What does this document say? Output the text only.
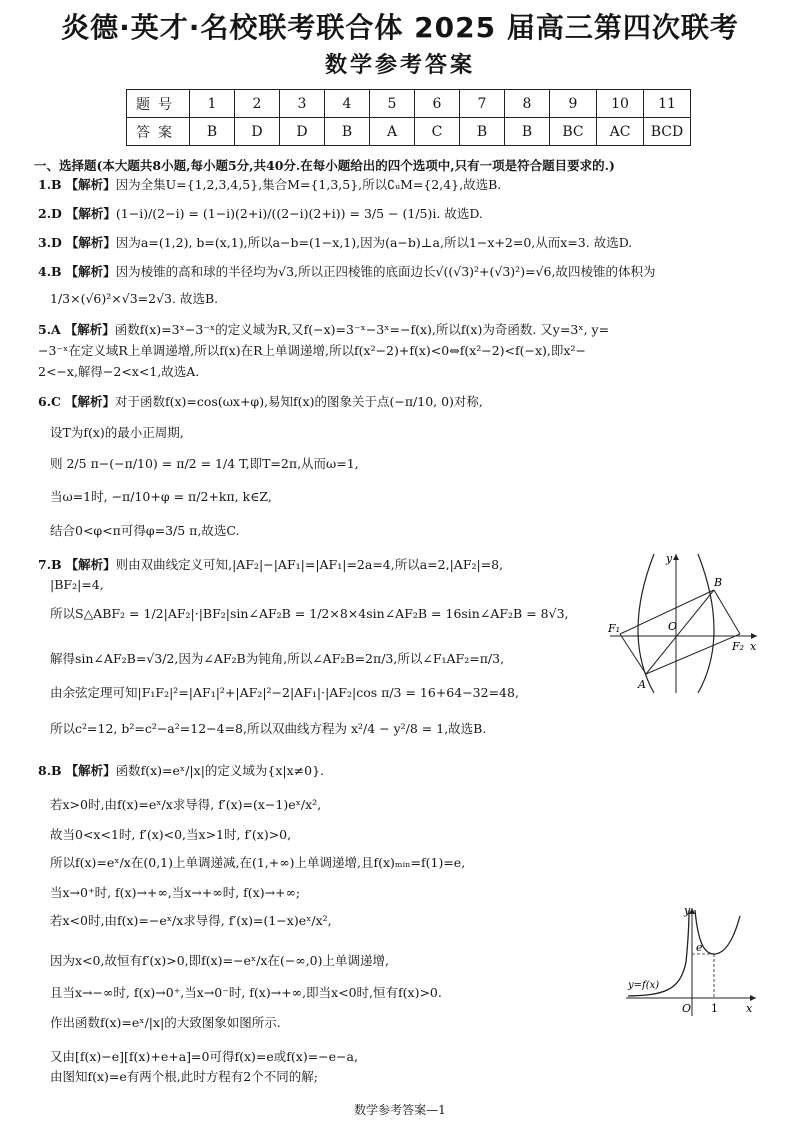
炎德·英才·名校联考联合体 2025 届高三第四次联考
数学参考答案
题号	1	2	3	4	5	6	7	8	9	10	11
答案	B	D	D	B	A	C	B	B	BC	AC	BCD
一、选择题(本大题共8小题,每小题5分,共40分.在每小题给出的四个选项中,只有一项是符合题目要求的.)
1.B 【解析】因为全集U={1,2,3,4,5},集合M={1,3,5},所以∁ᵤM={2,4},故选B.
2.D 【解析】(1−i)/(2−i) = (1−i)(2+i)/((2−i)(2+i)) = 3/5 − (1/5)i. 故选D.
3.D 【解析】因为a=(1,2), b=(x,1),所以a−b=(1−x,1),因为(a−b)⊥a,所以1−x+2=0,从而x=3. 故选D.
4.B 【解析】因为棱锥的高和球的半径均为√3,所以正四棱锥的底面边长√((√3)²+(√3)²)=√6,故四棱锥的体积为
1/3×(√6)²×√3=2√3. 故选B.
5.A 【解析】函数f(x)=3ˣ−3⁻ˣ的定义域为R,又f(−x)=3⁻ˣ−3ˣ=−f(x),所以f(x)为奇函数. 又y=3ˣ, y=
−3⁻ˣ在定义域R上单调递增,所以f(x)在R上单调递增,所以f(x²−2)+f(x)<0⇔f(x²−2)<f(−x),即x²−
2<−x,解得−2<x<1,故选A.
6.C 【解析】对于函数f(x)=cos(ωx+φ),易知f(x)的图象关于点(−π/10, 0)对称,
设T为f(x)的最小正周期,
则 2/5 π−(−π/10) = π/2 = 1/4 T,即T=2π,从而ω=1,
当ω=1时, −π/10+φ = π/2+kπ, k∈Z,
结合0<φ<π可得φ=3/5 π,故选C.
7.B 【解析】则由双曲线定义可知,|AF₂|−|AF₁|=|AF₁|=2a=4,所以a=2,|AF₂|=8,
|BF₂|=4,
所以S△ABF₂ = 1/2|AF₂|·|BF₂|sin∠AF₂B = 1/2×8×4sin∠AF₂B = 16sin∠AF₂B = 8√3,
解得sin∠AF₂B=√3/2,因为∠AF₂B为钝角,所以∠AF₂B=2π/3,所以∠F₁AF₂=π/3,
由余弦定理可知|F₁F₂|²=|AF₁|²+|AF₂|²−2|AF₁|·|AF₂|cos π/3 = 16+64−32=48,
所以c²=12, b²=c²−a²=12−4=8,所以双曲线方程为 x²/4 − y²/8 = 1,故选B.
y
B
O
F₁
F₂ x
A
8.B 【解析】函数f(x)=eˣ/|x|的定义域为{x|x≠0}.
若x>0时,由f(x)=eˣ/x求导得, f′(x)=(x−1)eˣ/x²,
故当0<x<1时, f′(x)<0,当x>1时, f′(x)>0,
所以f(x)=eˣ/x在(0,1)上单调递减,在(1,+∞)上单调递增,且f(x)ₘᵢₙ=f(1)=e,
当x→0⁺时, f(x)→+∞,当x→+∞时, f(x)→+∞;
若x<0时,由f(x)=−eˣ/x求导得, f′(x)=(1−x)eˣ/x²,
因为x<0,故恒有f′(x)>0,即f(x)=−eˣ/x在(−∞,0)上单调递增,
且当x→−∞时, f(x)→0⁺,当x→0⁻时, f(x)→+∞,即当x<0时,恒有f(x)>0.
作出函数f(x)=eˣ/|x|的大致图象如图所示.
又由[f(x)−e][f(x)+e+a]=0可得f(x)=e或f(x)=−e−a,
由图知f(x)=e有两个根,此时方程有2个不同的解;
y
e
y=f(x)
O 1	x
数学参考答案—1
